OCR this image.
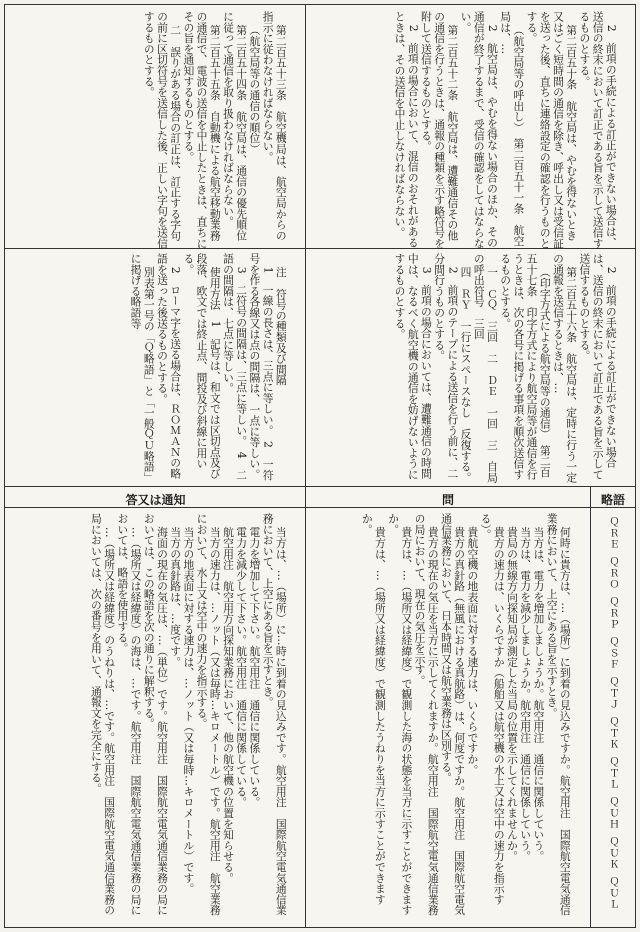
2　前項の手続による訂正ができない場合は、送信の終末において訂正である旨を示して送信するものとする。
第二百五十条　航空局は、やむを得ないとき又はごく短時間の通信を除き、呼出し又は受信証を送った後、直ちに連絡設定の確認を行うものとする。
（航空局等の呼出し）　第二百五十一条　航空局は、…
2　航空局は、やむを得ない場合のほか、その通信が終了するまで、受信の確認をしてはならない。
第二百五十二条　航空局は、遭難通信その他の通信を行うときは、通報の種類を示す略符号を附して送信するものとする。
2　前項の場合において、混信のおそれがあるときは、その送信を中止しなければならない。

第二百五十三条　航空機局は、航空局からの指示に従わなければならない。
（航空局等の通信の順位）
第二百五十四条　航空局は、通信の優先順位に従って通信を取り扱わなければならない。
第二百五十五条　自動機による航空移動業務の通信で、電波の送信を中止したときは、直ちにその旨を通知するものとする。
二　誤りがある場合の訂正は、訂正する字句の前に区切符号を送信した後、正しい字句を送信するものとする。

2　前項の手続による訂正ができない場合は、送信の終末において訂正である旨を示して送信するものとする。
第二百五十六条　航空局は、定時に行う一定の通報を送信するときは、…
（印字方式による航空局等の通信）　第二百五十七条　印字方式により航空局等が通信を行うときは、次の各号に掲げる事項を順次送信するものとする。
一　ＣＱ　三回　二　ＤＥ　一回　三　自局の呼出符号　三回
四　ＲＹ　一行にスペースなし　反復する。
2　前項のテープによる送信を行う前に、二分間行うものとする。
3　前項の場合においては、遭難通信の時間中は、なるべく航空機の通信を妨げないようにするものとする。

注　符号の種類及び間隔
1　一線の長さは、三点に等しい。　2　一符号を作る各線又は点の間隔は、一点に等しい。
3　二符号の間隔は、三点に等しい。　4　二語の間隔は、七点に等しい。
使用方法　1　記号は、和文では区切点及び段落、欧文では終止点、間投及び斜線に用いる。
2　ローマ字を送る場合は、ＲＯＭＡＮの略語を送った後送るものとする。
別表第一号の「Ｑ略語」と「一般ＱＵ略語」に掲げる略語等

略語
問
答又は通知
ＱＲＥ
ＱＲＯ
ＱＲＰ
ＱＳＦ
ＱＴＪ
ＱＴＫ
ＱＴＬ
ＱＵＨ
ＱＵＫ
ＱＵＬ

何時に貴方は、…（場所）に到着の見込みですか。航空用注　国際航空電気通信業務において、上空にある旨を示すとき。
当方は、電力を増加しましょうか。航空用注　通信に関係していう。
当方は、電力を減少しましょうか。航空用注　通信に関係していう。
貴局の無線方向探知局が測定した当局の位置を示してくれませんか。
貴方の速力は、いくらですか（船舶又は航空機の水上又は空中の速力を指示する）。
貴航空機の地表面に対する速力は、いくらですか。
貴方の真針路（無風における真航路）は、何度ですか。航空用注　国際航空電気通信業務において、日本時間又は航空業務は区別する。
貴方の現在の気圧を当方に示してくれますか。航空用注　国際航空電気通信業務の局において、現在の気圧を示す。
貴方は、…（場所又は経緯度）で観測した海の状態を当方に示すことができますか。
貴方は、…（場所又は経緯度）で観測したうねりを当方に示すことができますか。

当方は、…（場所）に…時に到着の見込みです。航空用注　国際航空電気通信業務において、上空にある旨を示すとき。
電力を増加して下さい。航空用注　通信に関係している。
電力を減少して下さい。航空用注　通信に関係している。
航空用注　航空用方向探知業務において、他の航空機の位置を知らせる。
当方の速力は、…ノット（又は毎時…キロメートル）です。航空用注　航空業務において、水上又は空中の速力を指示する。
当方の地表面に対する速力は、…ノット（又は毎時…キロメートル）です。
当方の真針路は、…度です。
海面の現在の気圧は、…（単位）です。航空用注　国際航空電気通信業務の局においては、この略語を次の通りに解釈する。
…（場所又は経緯度）の海は、…です。航空用注　国際航空電気通信業務の局においては、略語を使用する。
…（場所又は経緯度）のうねりは、…です。航空用注　国際航空電気通信業務の局においては、次の番号を用いて、通報文を完全にする。
